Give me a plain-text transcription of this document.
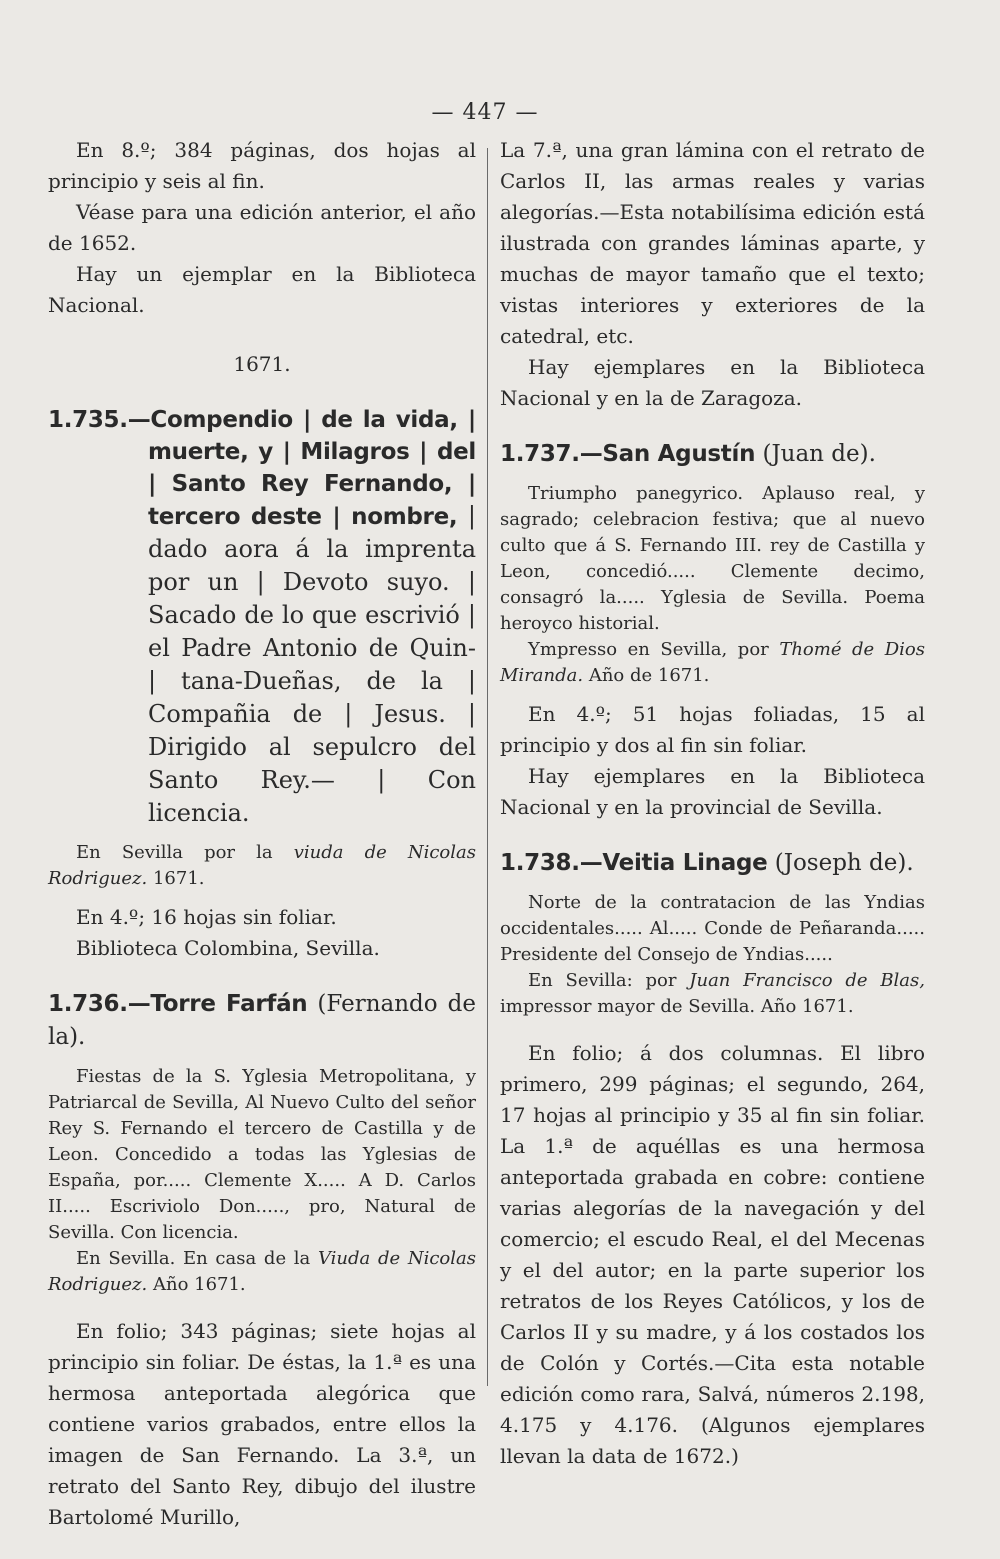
— 447 —

En 8.º; 384 páginas, dos hojas al principio y seis al fin.

Véase para una edición anterior, el año de 1652.

Hay un ejemplar en la Biblioteca Nacional.

1671.

1.735.—Compendio | de la vida, | muerte, y | Milagros | del | Santo Rey Fernando, | tercero deste | nombre, | dado aora á la imprenta por un | Devoto suyo. | Sacado de lo que escrivió | el Padre Antonio de Quin- | tana-Dueñas, de la | Compañia de | Jesus. | Dirigido al sepulcro del Santo Rey.— | Con licencia.

En Sevilla por la viuda de Nicolas Rodriguez. 1671.

En 4.º; 16 hojas sin foliar.

Biblioteca Colombina, Sevilla.

1.736.—Torre Farfán (Fernando de la).

Fiestas de la S. Yglesia Metropolitana, y Patriarcal de Sevilla, Al Nuevo Culto del señor Rey S. Fernando el tercero de Castilla y de Leon. Concedido a todas las Yglesias de España, por..... Clemente X..... A D. Carlos II..... Escriviolo Don....., pro, Natural de Sevilla. Con licencia.

En Sevilla. En casa de la Viuda de Nicolas Rodriguez. Año 1671.

En folio; 343 páginas; siete hojas al principio sin foliar. De éstas, la 1.ª es una hermosa anteportada alegórica que contiene varios grabados, entre ellos la imagen de San Fernando. La 3.ª, un retrato del Santo Rey, dibujo del ilustre Bartolomé Murillo,

La 7.ª, una gran lámina con el retrato de Carlos II, las armas reales y varias alegorías.—Esta notabilísima edición está ilustrada con grandes láminas aparte, y muchas de mayor tamaño que el texto; vistas interiores y exteriores de la catedral, etc.

Hay ejemplares en la Biblioteca Nacional y en la de Zaragoza.

1.737.—San Agustín (Juan de).

Triumpho panegyrico. Aplauso real, y sagrado; celebracion festiva; que al nuevo culto que á S. Fernando III. rey de Castilla y Leon, concedió..... Clemente decimo, consagró la..... Yglesia de Sevilla. Poema heroyco historial.

Ympresso en Sevilla, por Thomé de Dios Miranda. Año de 1671.

En 4.º; 51 hojas foliadas, 15 al principio y dos al fin sin foliar.

Hay ejemplares en la Biblioteca Nacional y en la provincial de Sevilla.

1.738.—Veitia Linage (Joseph de).

Norte de la contratacion de las Yndias occidentales..... Al..... Conde de Peñaranda..... Presidente del Consejo de Yndias.....

En Sevilla: por Juan Francisco de Blas, impressor mayor de Sevilla. Año 1671.

En folio; á dos columnas. El libro primero, 299 páginas; el segundo, 264, 17 hojas al principio y 35 al fin sin foliar. La 1.ª de aquéllas es una hermosa anteportada grabada en cobre: contiene varias alegorías de la navegación y del comercio; el escudo Real, el del Mecenas y el del autor; en la parte superior los retratos de los Reyes Católicos, y los de Carlos II y su madre, y á los costados los de Colón y Cortés.—Cita esta notable edición como rara, Salvá, números 2.198, 4.175 y 4.176. (Algunos ejemplares llevan la data de 1672.)
